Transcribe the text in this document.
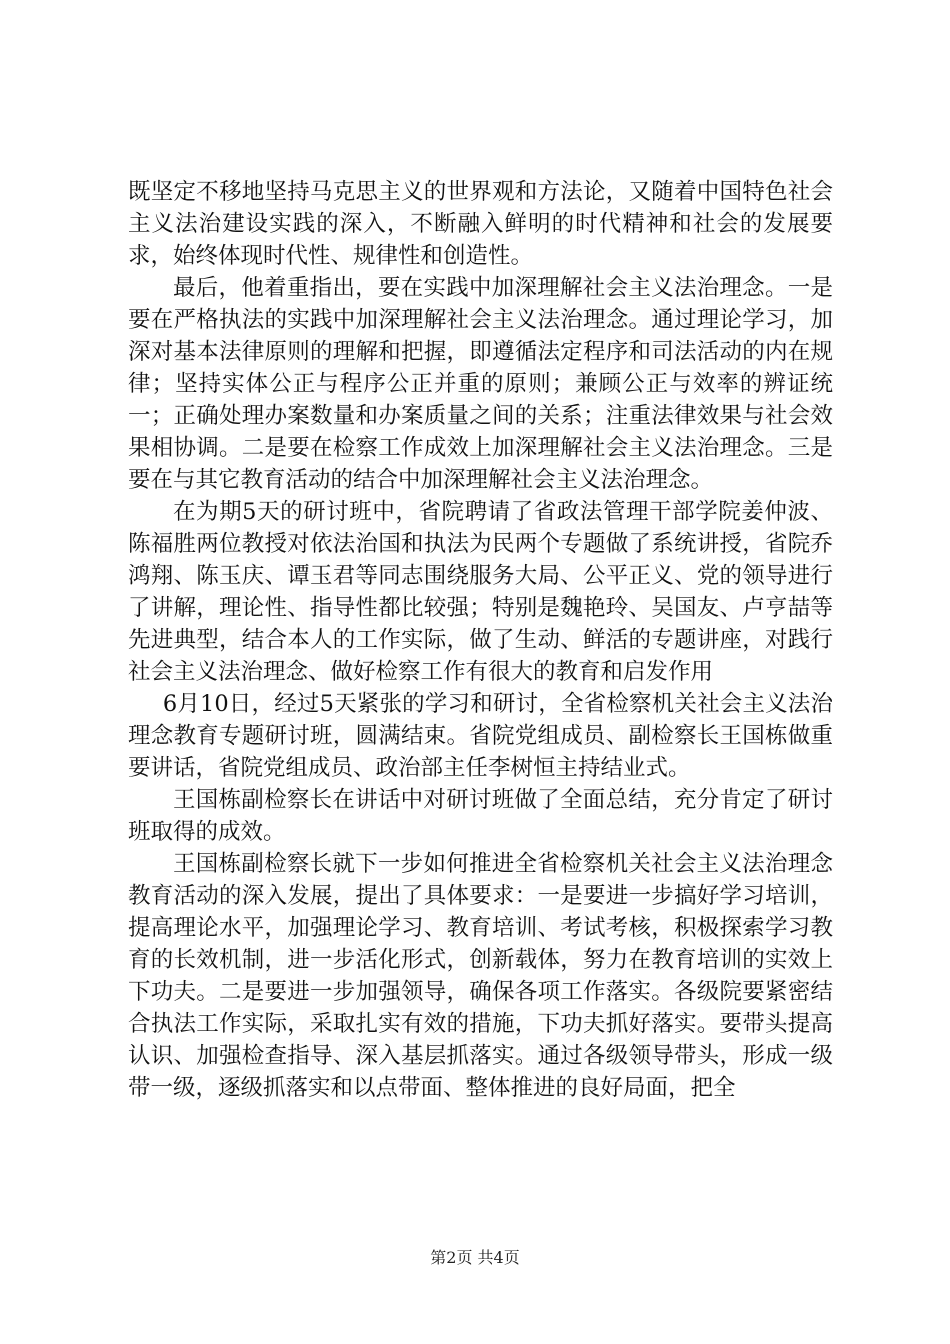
既坚定不移地坚持马克思主义的世界观和方法论，又随着中国特色社会主义法治建设实践的深入，不断融入鲜明的时代精神和社会的发展要求，始终体现时代性、规律性和创造性。

最后，他着重指出，要在实践中加深理解社会主义法治理念。一是要在严格执法的实践中加深理解社会主义法治理念。通过理论学习，加深对基本法律原则的理解和把握，即遵循法定程序和司法活动的内在规律；坚持实体公正与程序公正并重的原则；兼顾公正与效率的辨证统一；正确处理办案数量和办案质量之间的关系；注重法律效果与社会效果相协调。二是要在检察工作成效上加深理解社会主义法治理念。三是要在与其它教育活动的结合中加深理解社会主义法治理念。

在为期5天的研讨班中，省院聘请了省政法管理干部学院姜仲波、陈福胜两位教授对依法治国和执法为民两个专题做了系统讲授，省院乔鸿翔、陈玉庆、谭玉君等同志围绕服务大局、公平正义、党的领导进行了讲解，理论性、指导性都比较强；特别是魏艳玲、吴国友、卢亨喆等先进典型，结合本人的工作实际，做了生动、鲜活的专题讲座，对践行社会主义法治理念、做好检察工作有很大的教育和启发作用

6月10日，经过5天紧张的学习和研讨，全省检察机关社会主义法治理念教育专题研讨班，圆满结束。省院党组成员、副检察长王国栋做重要讲话，省院党组成员、政治部主任李树恒主持结业式。

王国栋副检察长在讲话中对研讨班做了全面总结，充分肯定了研讨班取得的成效。

王国栋副检察长就下一步如何推进全省检察机关社会主义法治理念教育活动的深入发展，提出了具体要求：一是要进一步搞好学习培训，提高理论水平，加强理论学习、教育培训、考试考核，积极探索学习教育的长效机制，进一步活化形式，创新载体，努力在教育培训的实效上下功夫。二是要进一步加强领导，确保各项工作落实。各级院要紧密结合执法工作实际，采取扎实有效的措施，下功夫抓好落实。要带头提高认识、加强检查指导、深入基层抓落实。通过各级领导带头，形成一级带一级，逐级抓落实和以点带面、整体推进的良好局面，把全

第2页 共4页
